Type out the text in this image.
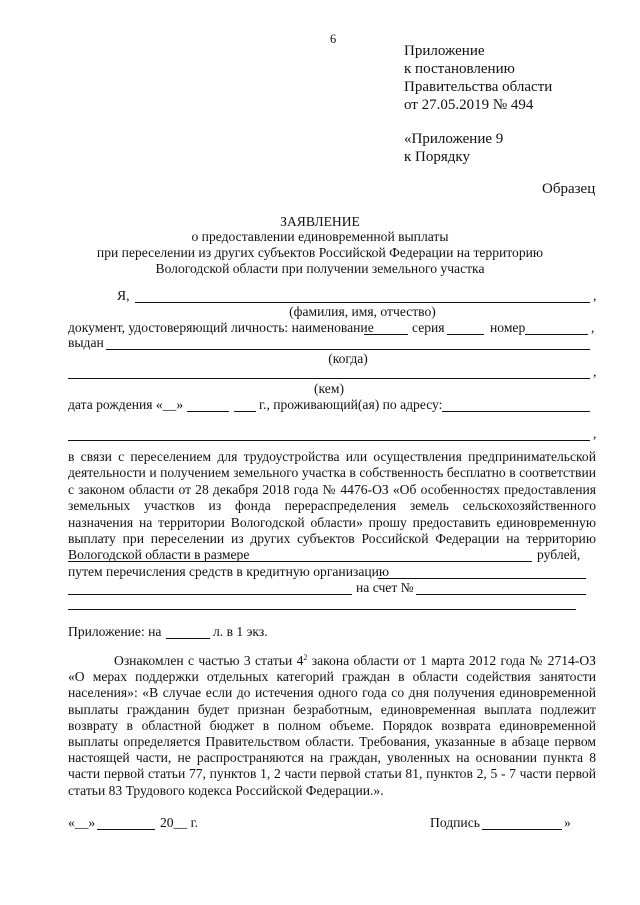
6
Приложение
к постановлению
Правительства области
от 27.05.2019 № 494
«Приложение 9
к Порядку
Образец
ЗАЯВЛЕНИЕ
о предоставлении единовременной выплаты
при переселении из других субъектов Российской Федерации на территорию
Вологодской области при получении земельного участка
Я,	,
(фамилия, имя, отчество)
документ, удостоверяющий личность: наименование	серия	номер	,
выдан
(когда)
,
(кем)
дата рождения «__»	г., проживающий(ая) по адресу:
,
в связи с переселением для трудоустройства или осуществления предпринимательской деятельности и получением земельного участка в собственность бесплатно в соответствии с законом области от 28 декабря 2018 года № 4476-ОЗ «Об особенностях предоставления земельных участков из фонда перераспределения земель сельскохозяйственного назначения на территории Вологодской области» прошу предоставить единовременную выплату при переселении из других субъектов Российской Федерации на территорию Вологодской области в размере	рублей,
путем перечисления средств в кредитную организацию
на счет №
Приложение: на	л. в 1 экз.
Ознакомлен с частью 3 статьи $4^2$ закона области от 1 марта 2012 года № 2714-ОЗ «О мерах поддержки отдельных категорий граждан в области содействия занятости населения»: «В случае если до истечения одного года со дня получения единовременной выплаты гражданин будет признан безработным, единовременная выплата подлежит возврату в областной бюджет в полном объеме. Порядок возврата единовременной выплаты определяется Правительством области. Требования, указанные в абзаце первом настоящей части, не распространяются на граждан, уволенных на основании пункта 8 части первой статьи 77, пунктов 1, 2 части первой статьи 81, пунктов 2, 5 - 7 части первой статьи 83 Трудового кодекса Российской Федерации.».
«__»	20__ г.	Подпись	»
